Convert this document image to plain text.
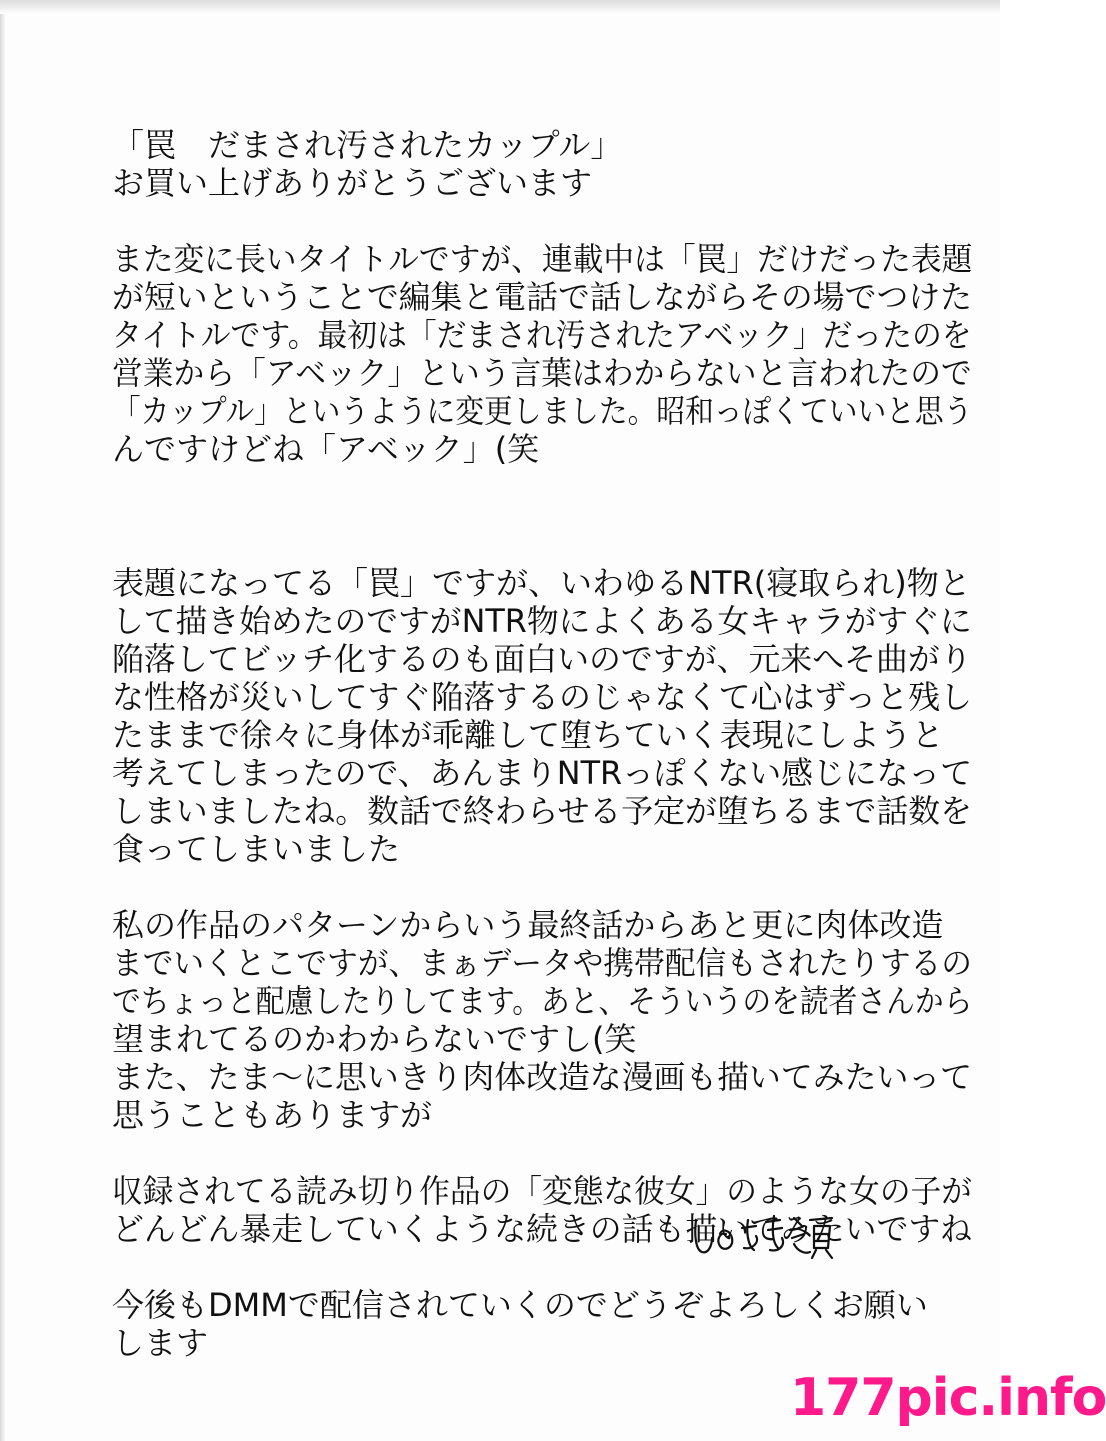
「罠　だまされ汚されたカップル」
お買い上げありがとうございます
また変に長いタイトルですが、連載中は「罠」だけだった表題
が短いということで編集と電話で話しながらその場でつけた
タイトルです。最初は「だまされ汚されたアベック」だったのを
営業から「アベック」という言葉はわからないと言われたので
「カップル」というように変更しました。昭和っぽくていいと思う
んですけどね「アベック」(笑
表題になってる「罠」ですが、いわゆるNTR(寝取られ)物と
して描き始めたのですがNTR物によくある女キャラがすぐに
陥落してビッチ化するのも面白いのですが、元来へそ曲がり
な性格が災いしてすぐ陥落するのじゃなくて心はずっと残し
たままで徐々に身体が乖離して堕ちていく表現にしようと
考えてしまったので、あんまりNTRっぽくない感じになって
しまいましたね。数話で終わらせる予定が堕ちるまで話数を
食ってしまいました
私の作品のパターンからいう最終話からあと更に肉体改造
までいくとこですが、まぁデータや携帯配信もされたりするの
でちょっと配慮したりしてます。あと、そういうのを読者さんから
望まれてるのかわからないですし(笑
また、たま～に思いきり肉体改造な漫画も描いてみたいって
思うこともありますが
収録されてる読み切り作品の「変態な彼女」のような女の子が
どんどん暴走していくような続きの話も描いてみたいですね
今後もDMMで配信されていくのでどうぞよろしくお願い
します
177pic.info
